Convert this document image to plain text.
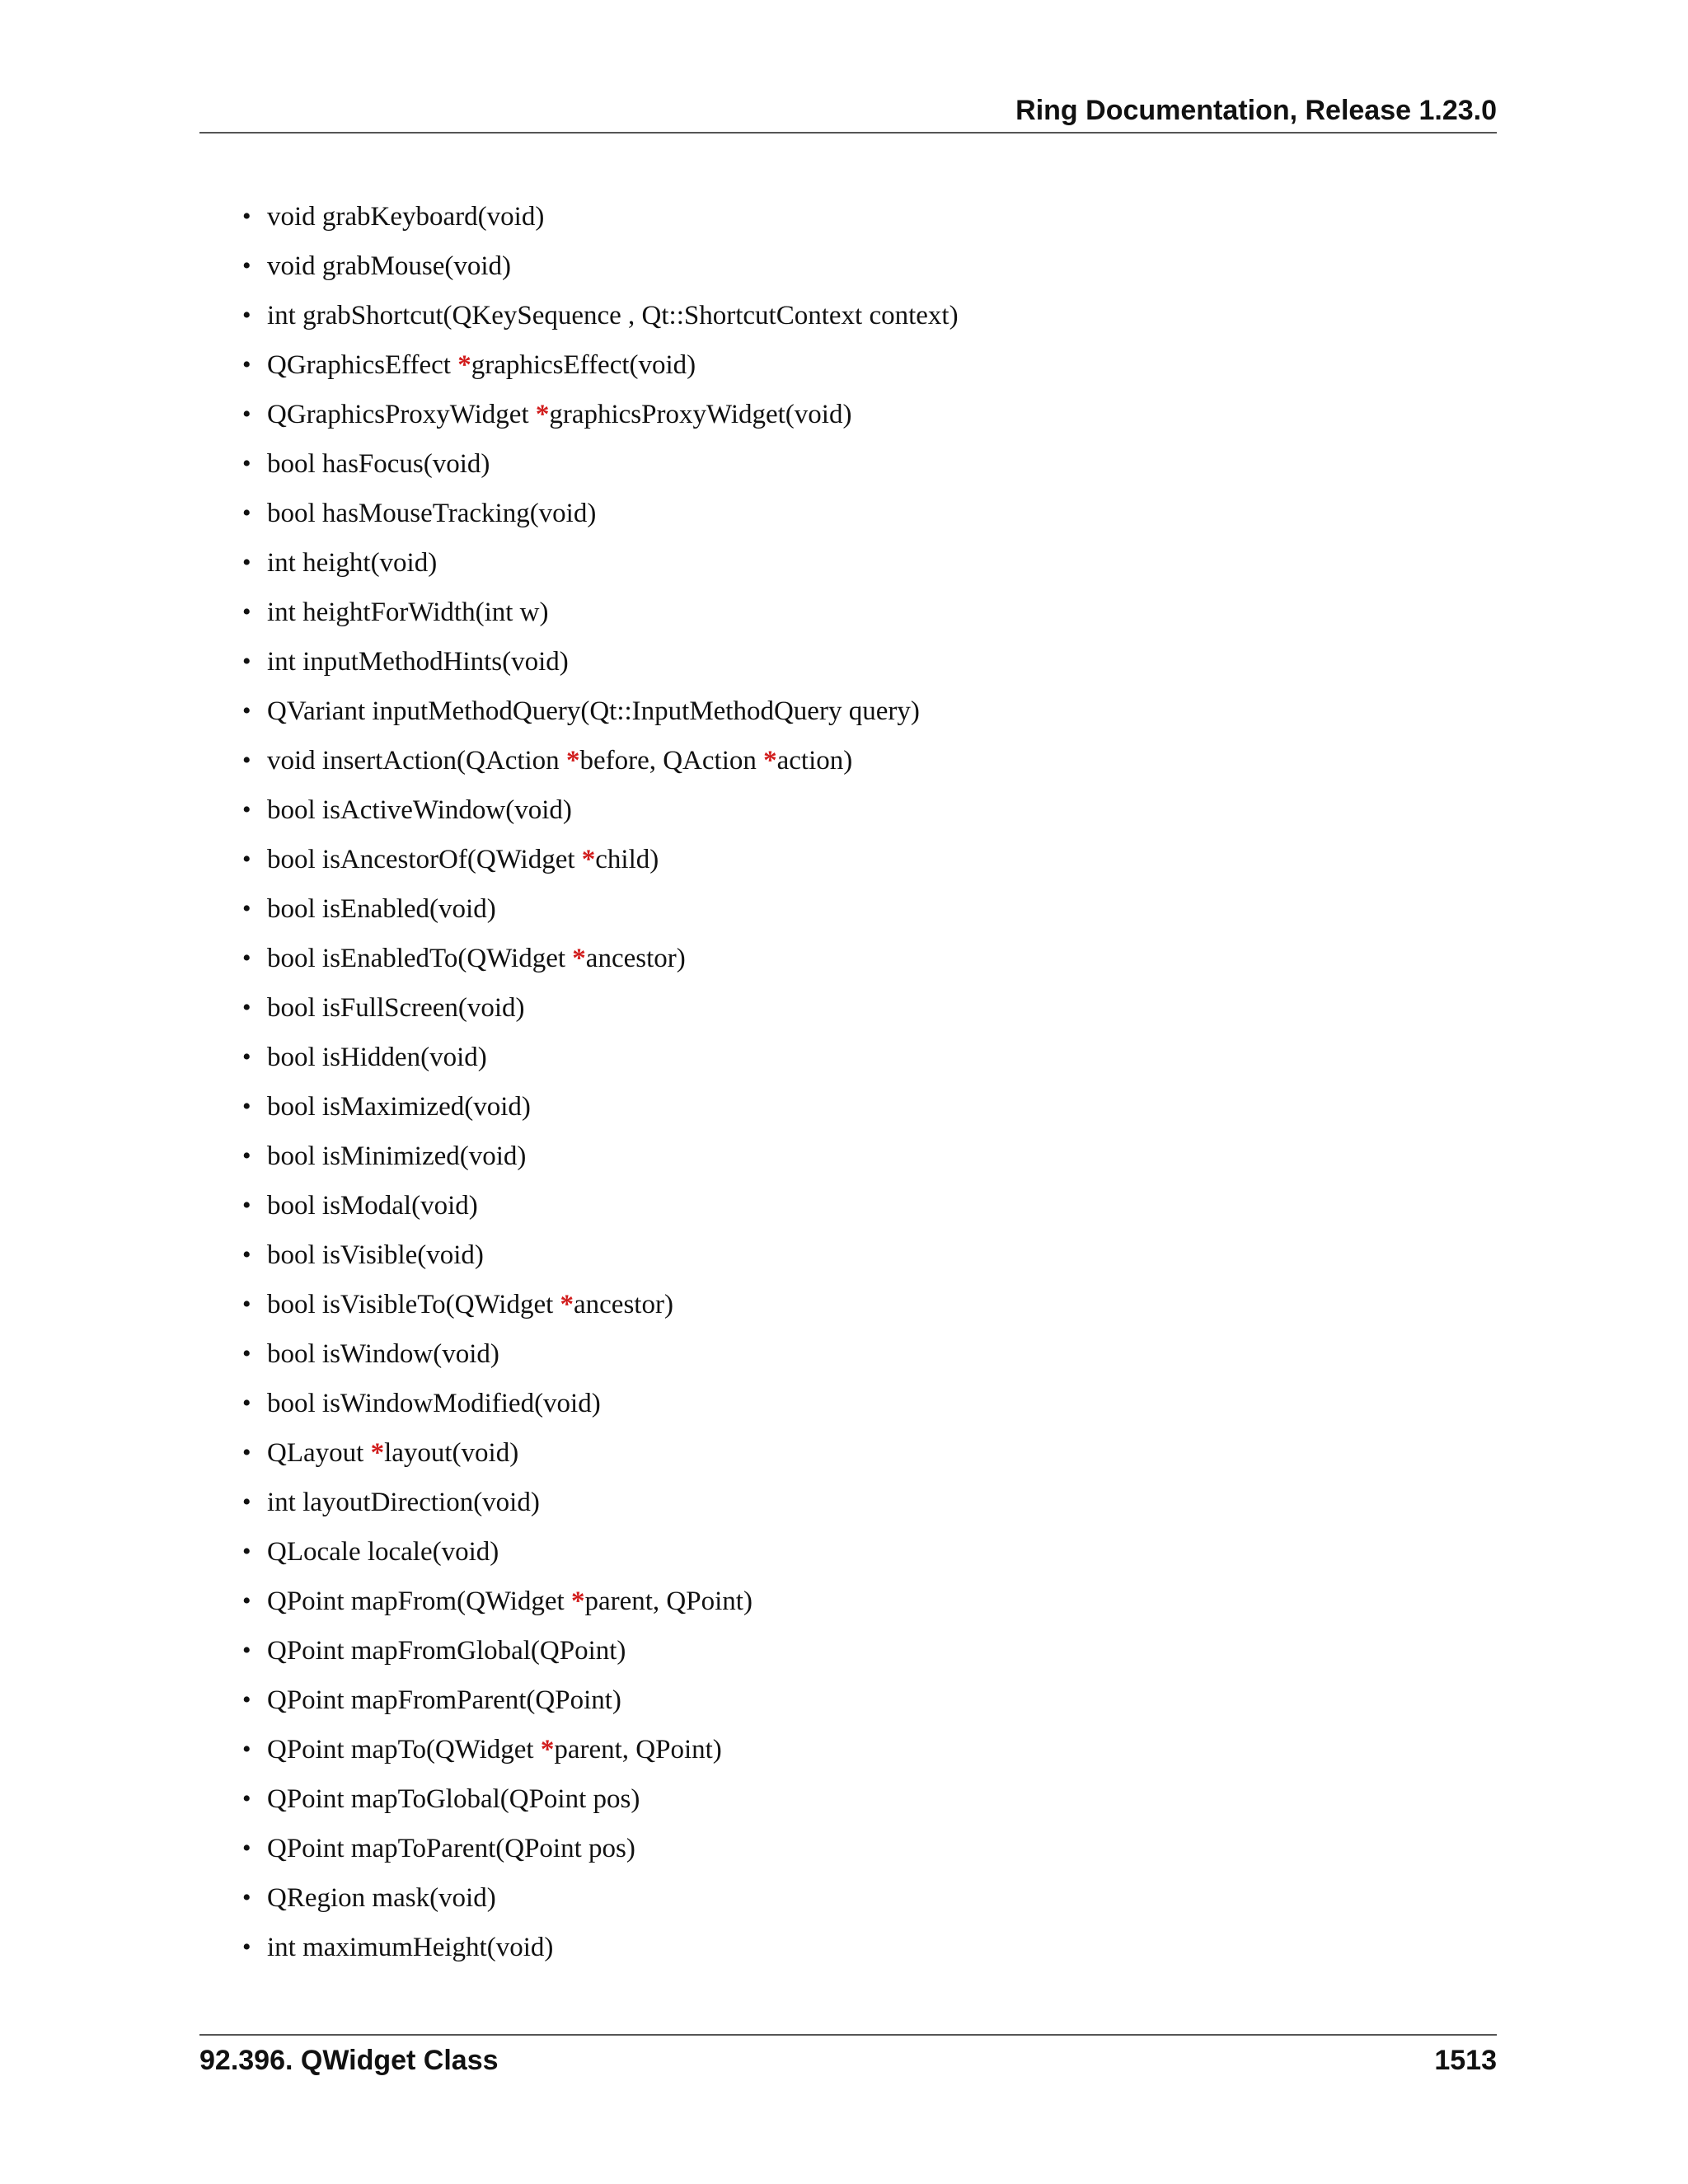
Ring Documentation, Release 1.23.0
• void grabKeyboard(void)
• void grabMouse(void)
• int grabShortcut(QKeySequence , Qt::ShortcutContext context)
• QGraphicsEffect *graphicsEffect(void)
• QGraphicsProxyWidget *graphicsProxyWidget(void)
• bool hasFocus(void)
• bool hasMouseTracking(void)
• int height(void)
• int heightForWidth(int w)
• int inputMethodHints(void)
• QVariant inputMethodQuery(Qt::InputMethodQuery query)
• void insertAction(QAction *before, QAction *action)
• bool isActiveWindow(void)
• bool isAncestorOf(QWidget *child)
• bool isEnabled(void)
• bool isEnabledTo(QWidget *ancestor)
• bool isFullScreen(void)
• bool isHidden(void)
• bool isMaximized(void)
• bool isMinimized(void)
• bool isModal(void)
• bool isVisible(void)
• bool isVisibleTo(QWidget *ancestor)
• bool isWindow(void)
• bool isWindowModified(void)
• QLayout *layout(void)
• int layoutDirection(void)
• QLocale locale(void)
• QPoint mapFrom(QWidget *parent, QPoint)
• QPoint mapFromGlobal(QPoint)
• QPoint mapFromParent(QPoint)
• QPoint mapTo(QWidget *parent, QPoint)
• QPoint mapToGlobal(QPoint pos)
• QPoint mapToParent(QPoint pos)
• QRegion mask(void)
• int maximumHeight(void)
92.396. QWidget Class	1513
